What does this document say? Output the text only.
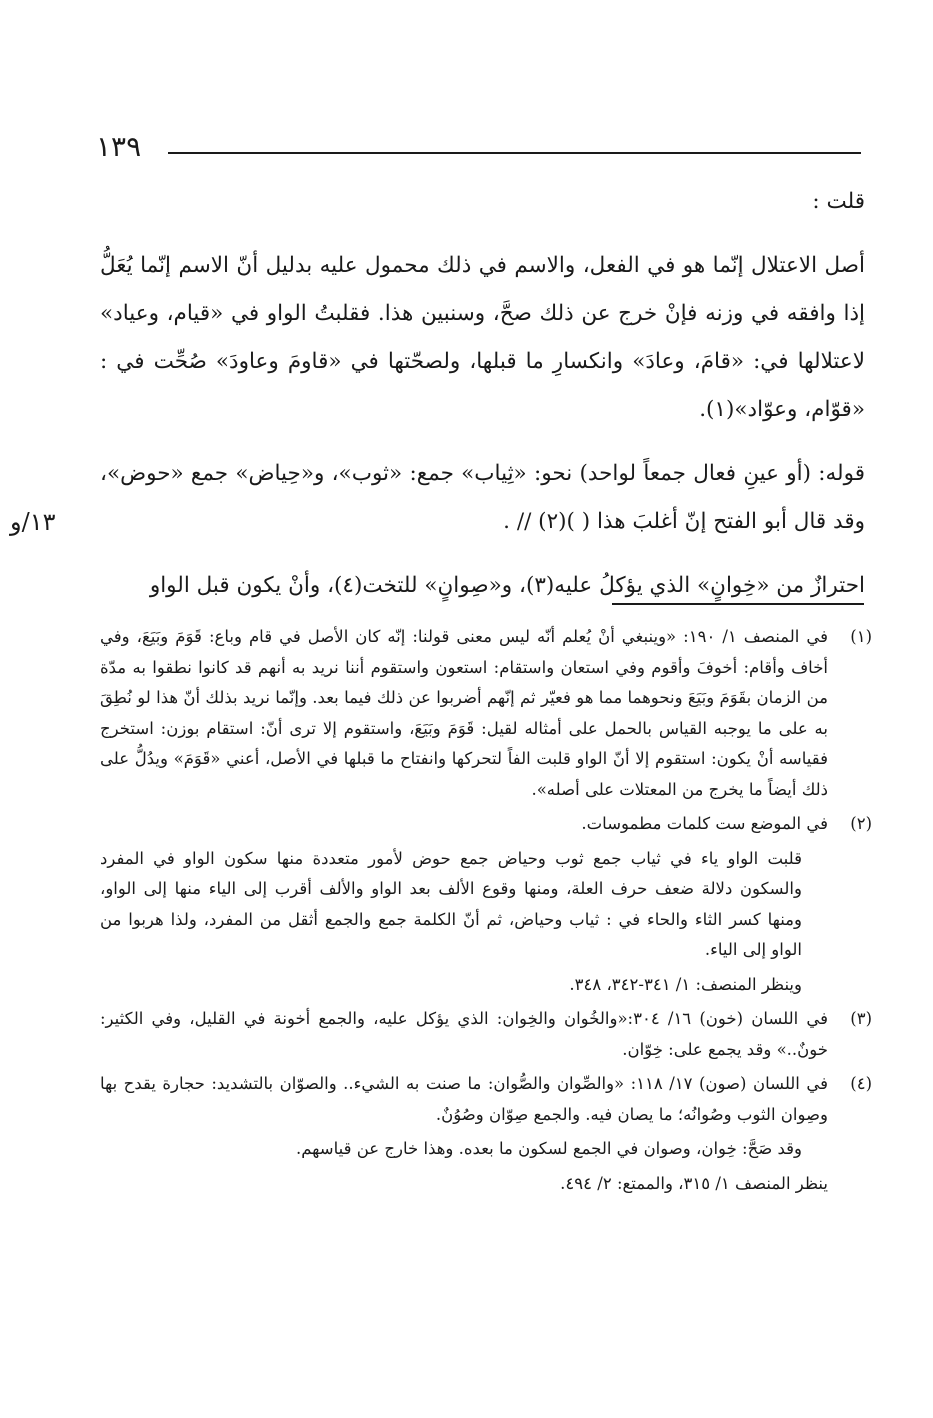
١٣٩
١٣/و

قلت :

أصل الاعتلال إنّما هو في الفعل، والاسم في ذلك محمول عليه بدليل أنّ الاسم إنّما يُعَلُّ إذا وافقه في وزنه فإنْ خرج عن ذلك صحَّ، وسنبين هذا. فقلبتُ الواو في «قيام، وعياد» لاعتلالها في: «قامَ، وعادَ» وانكسارِ ما قبلها، ولصحّتها في «قاومَ وعاودَ» صُحِّت في : «قوّام، وعوّاد»(١).

قوله: (أو عينِ فعال جمعاً لواحد) نحو: «ثِياب» جمع: «ثوب»، و«حِياض» جمع «حوض»، وقد قال أبو الفتح إنّ أغلبَ هذا ( )(٢) // .

احترازٌ من «خِوانٍ» الذي يؤكلُ عليه(٣)، و«صِوانٍ» للتخت(٤)، وأنْ يكون قبل الواو

(١)

في المنصف ١/ ١٩٠: «وينبغي أنْ يُعلم أنّه ليس معنى قولنا: إنّه كان الأصل في قام وباع: قَوَمَ وبَيَعَ، وفي أخاف وأقام: أخوفَ وأقوم وفي استعان واستقام: استعون واستقوم أننا نريد به أنهم قد كانوا نطقوا به مدّة من الزمان بقَوَمَ وبَيَعَ ونحوهما مما هو فعيّر ثم إنّهم أضربوا عن ذلك فيما بعد. وإنّما نريد بذلك أنّ هذا لو نُطِقَ به على ما يوجبه القياس بالحمل على أمثاله لقيل: قَوَمَ وبَيَعَ، واستقوم إلا ترى أنّ: استقام بوزن: استخرج فقياسه أنْ يكون: استقوم إلا أنّ الواو قلبت الفاً لتحركها وانفتاح ما قبلها في الأصل، أعني «قَوَمَ» ويدُلُّ على ذلك أيضاً ما يخرج من المعتلات على أصله».

(٢)

في الموضع ست كلمات مطموسات.

قلبت الواو ياء في ثياب جمع ثوب وحياض جمع حوض لأمور متعددة منها سكون الواو في المفرد والسكون دلالة ضعف حرف العلة، ومنها وقوع الألف بعد الواو والألف أقرب إلى الياء منها إلى الواو، ومنها كسر الثاء والحاء في : ثياب وحياض، ثم أنّ الكلمة جمع والجمع أثقل من المفرد، ولذا هربوا من الواو إلى الياء.

وينظر المنصف: ١/ ٣٤١-٣٤٢، ٣٤٨.

(٣)

في اللسان (خون) ١٦/ ٣٠٤:«والخُوان والخِوان: الذي يؤكل عليه، والجمع أخونة في القليل، وفي الكثير: خونٌ..» وقد يجمع على: خِوّان.

(٤)

في اللسان (صون) ١٧/ ١١٨: «والصِّوان والصُّوان: ما صنت به الشيء.. والصوّان بالتشديد: حجارة يقدح بها وصِوان الثوب وصُوانُه؛ ما يصان فيه. والجمع صِوّان وصُوُنٌ.

وقد صَحَّ: خِوان، وصوان في الجمع لسكون ما بعده. وهذا خارج عن قياسهم.

ينظر المنصف ١/ ٣١٥، والممتع: ٢/ ٤٩٤.
